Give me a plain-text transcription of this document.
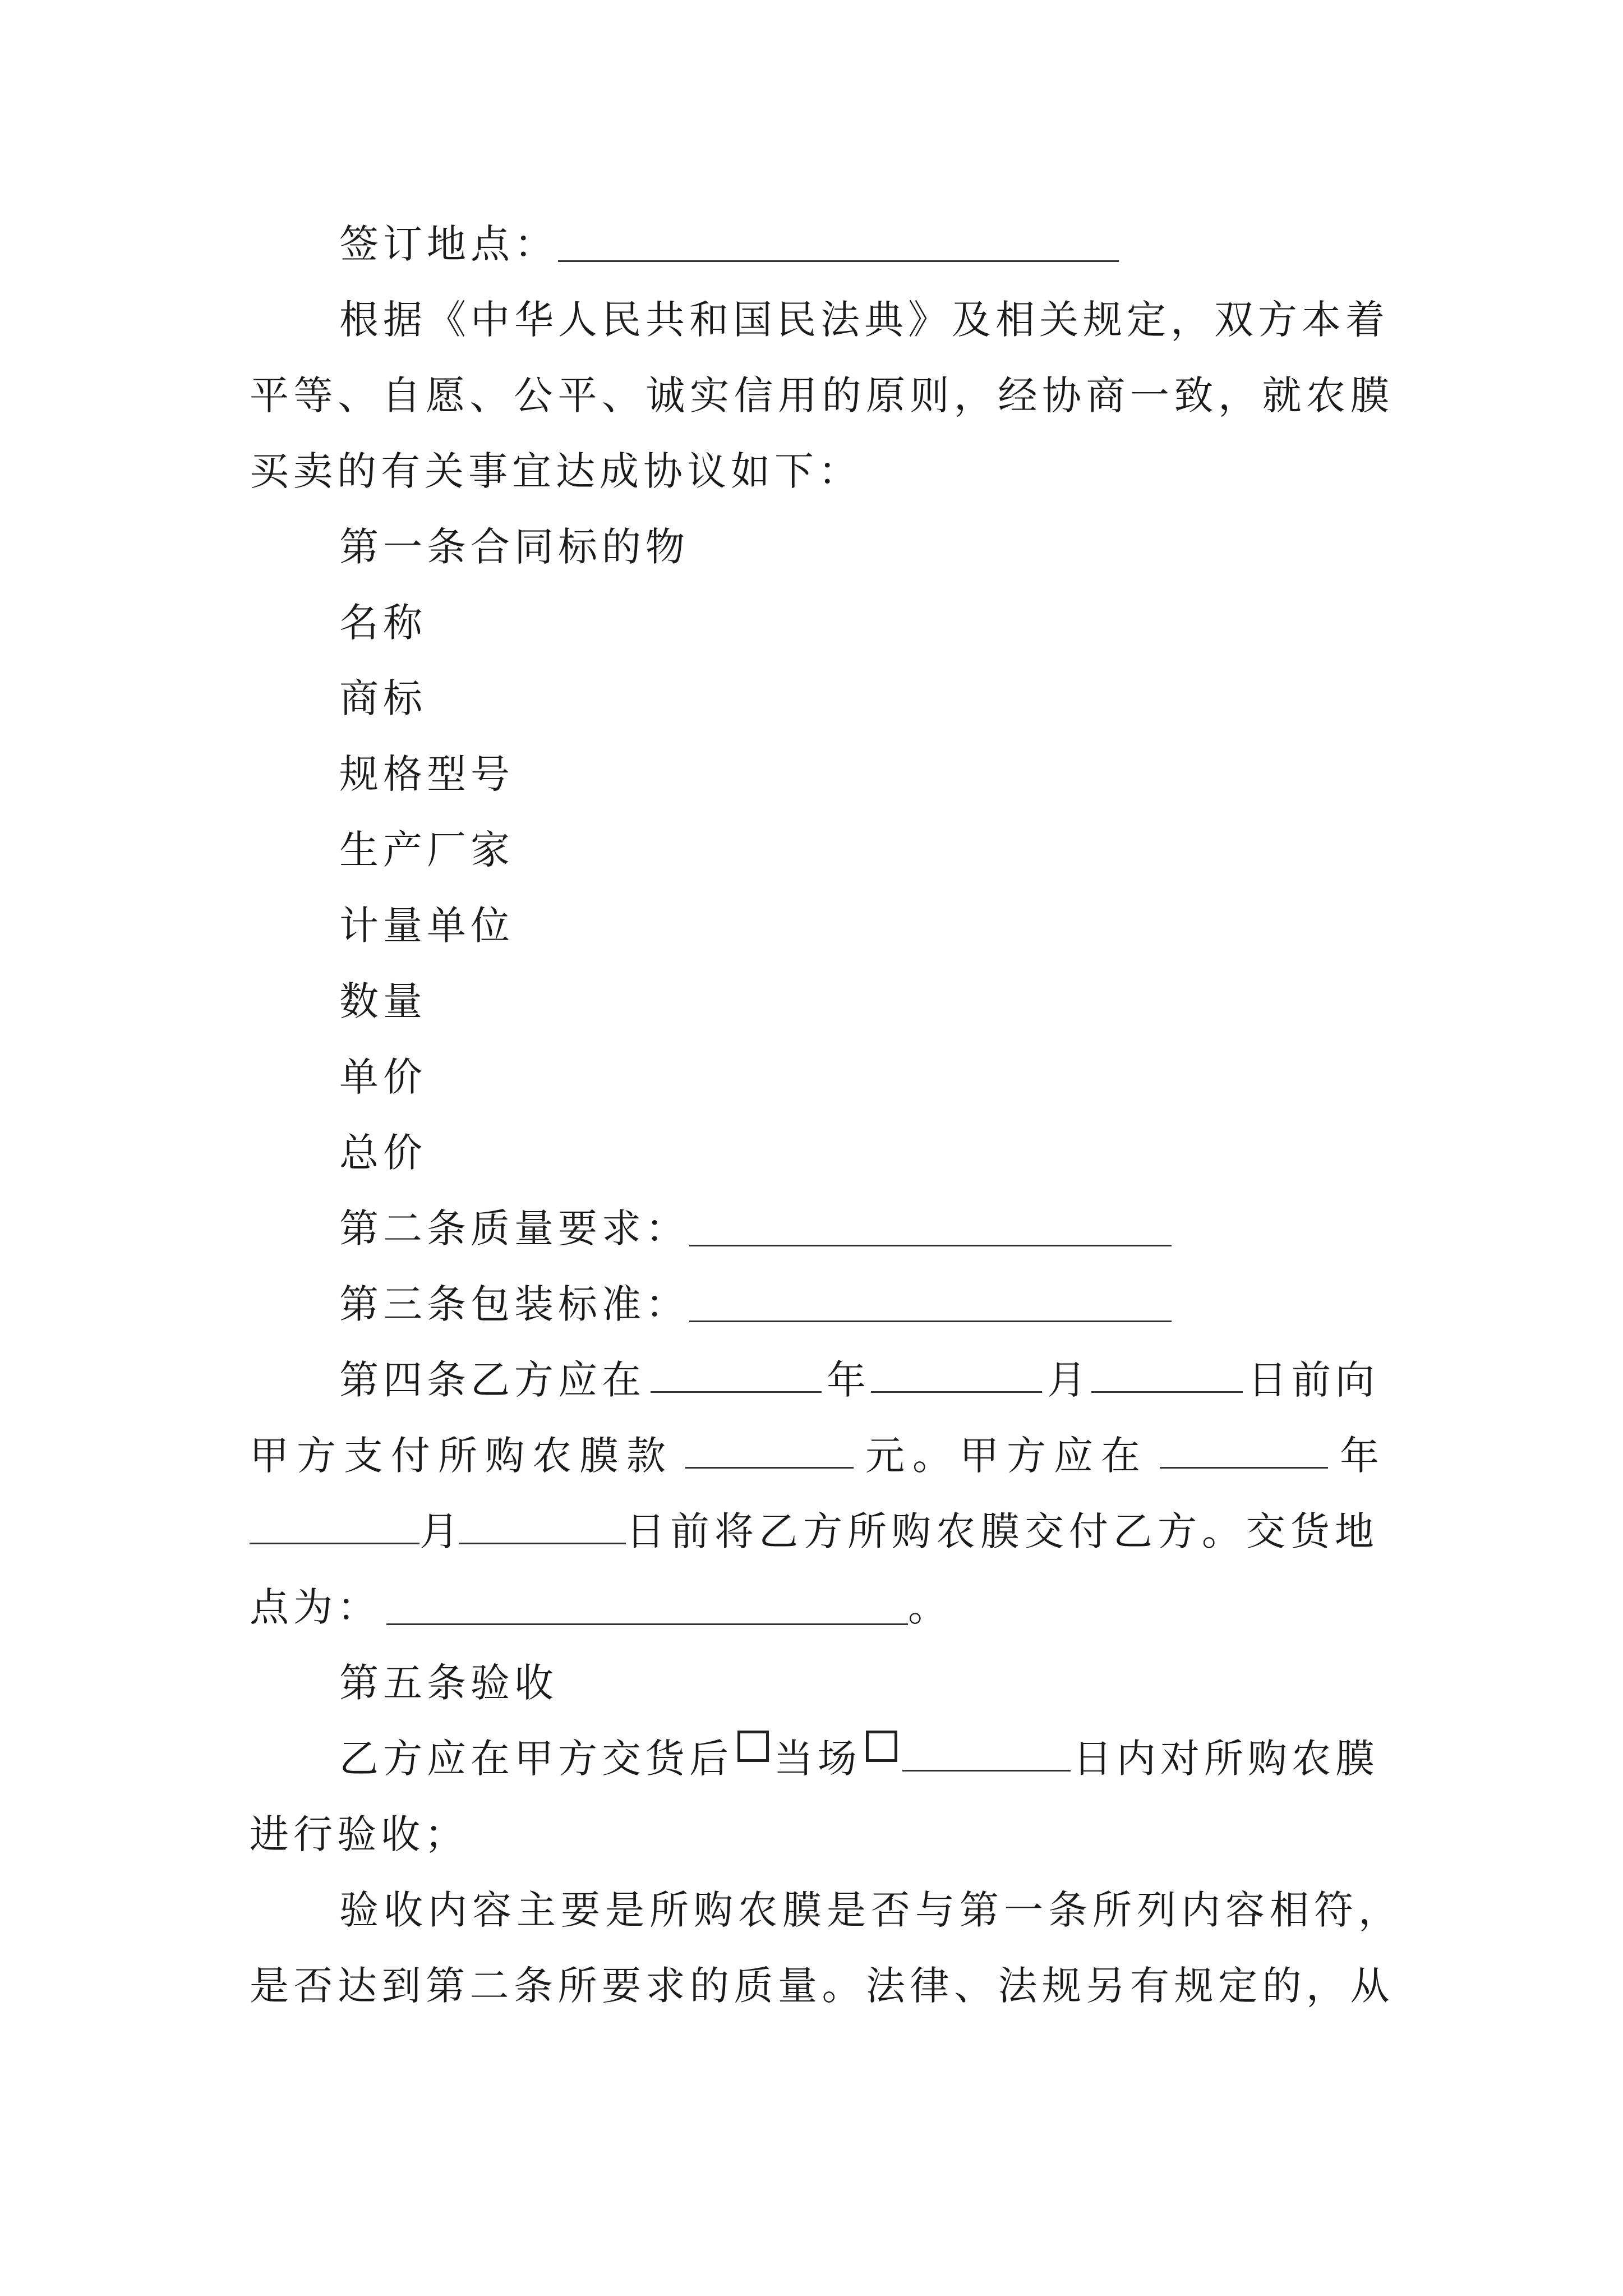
签订地点：
根据《中华人民共和国民法典》及相关规定，双方本着
平等、自愿、公平、诚实信用的原则，经协商一致，就农膜
买卖的有关事宜达成协议如下：
第一条合同标的物
名称
商标
规格型号
生产厂家
计量单位
数量
单价
总价
第二条质量要求：
第三条包装标准：
第四条乙方应在	年	月	日前向
甲方支付所购农膜款	元。甲方应在	年
月	日前将乙方所购农膜交付乙方。交货地
点为：	。
第五条验收
乙方应在甲方交货后 当场	日内对所购农膜
进行验收；
验收内容主要是所购农膜是否与第一条所列内容相符，
是否达到第二条所要求的质量。法律、法规另有规定的，从
